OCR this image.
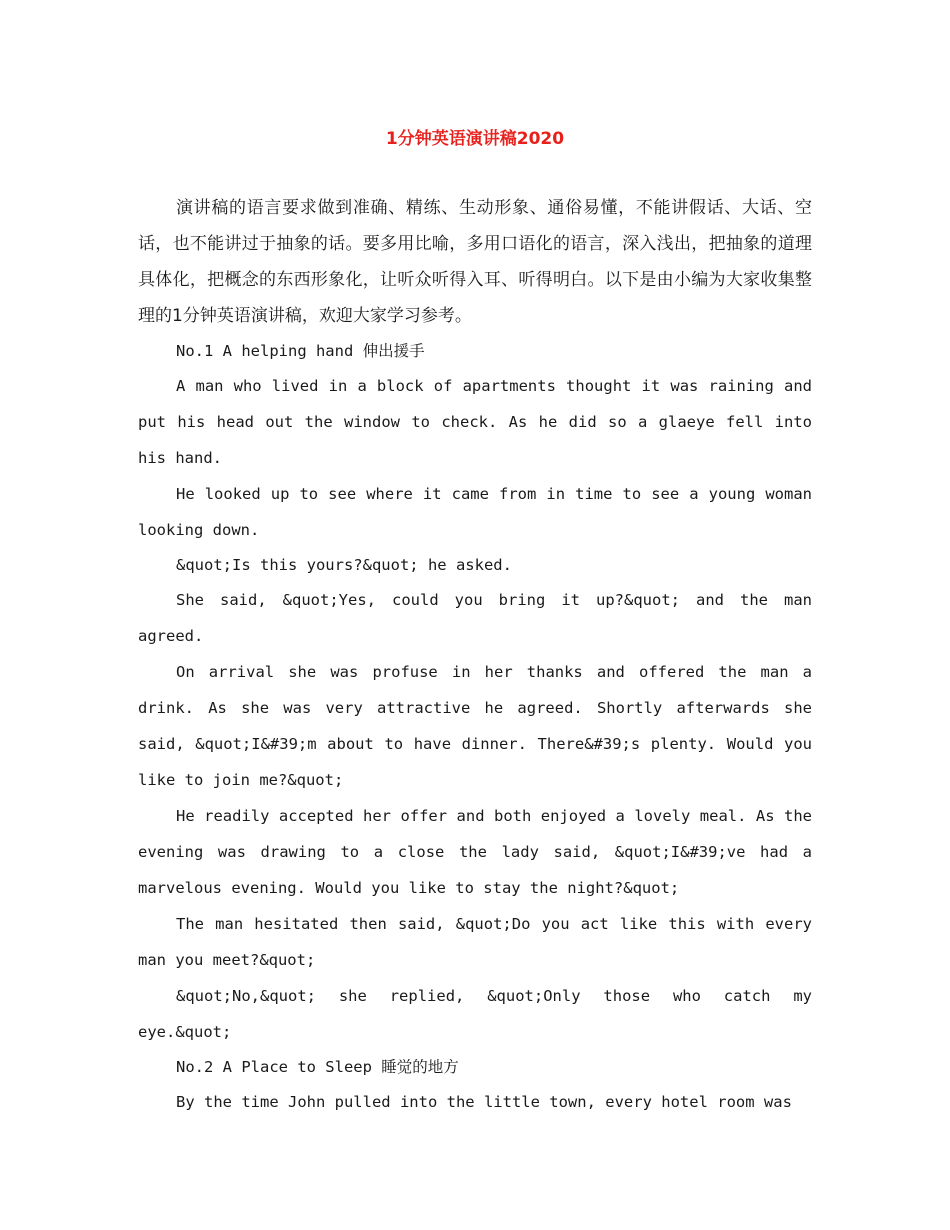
1分钟英语演讲稿2020

演讲稿的语言要求做到准确、精练、生动形象、通俗易懂，不能讲假话、大话、空话，也不能讲过于抽象的话。要多用比喻，多用口语化的语言，深入浅出，把抽象的道理具体化，把概念的东西形象化，让听众听得入耳、听得明白。以下是由小编为大家收集整理的1分钟英语演讲稿，欢迎大家学习参考。

No.1 A helping hand 伸出援手

A man who lived in a block of apartments thought it was raining and put his head out the window to check. As he did so a glaeye fell into his hand.

He looked up to see where it came from in time to see a young woman looking down.

&quot;Is this yours?&quot; he asked.

She said, &quot;Yes, could you bring it up?&quot; and the man agreed.

On arrival she was profuse in her thanks and offered the man a drink. As she was very attractive he agreed. Shortly afterwards she said, &quot;I&#39;m about to have dinner. There&#39;s plenty. Would you like to join me?&quot;

He readily accepted her offer and both enjoyed a lovely meal. As the evening was drawing to a close the lady said, &quot;I&#39;ve had a marvelous evening. Would you like to stay the night?&quot;

The man hesitated then said, &quot;Do you act like this with every man you meet?&quot;

&quot;No,&quot; she replied, &quot;Only those who catch my eye.&quot;

No.2 A Place to Sleep 睡觉的地方

By the time John pulled into the little town, every hotel room was
